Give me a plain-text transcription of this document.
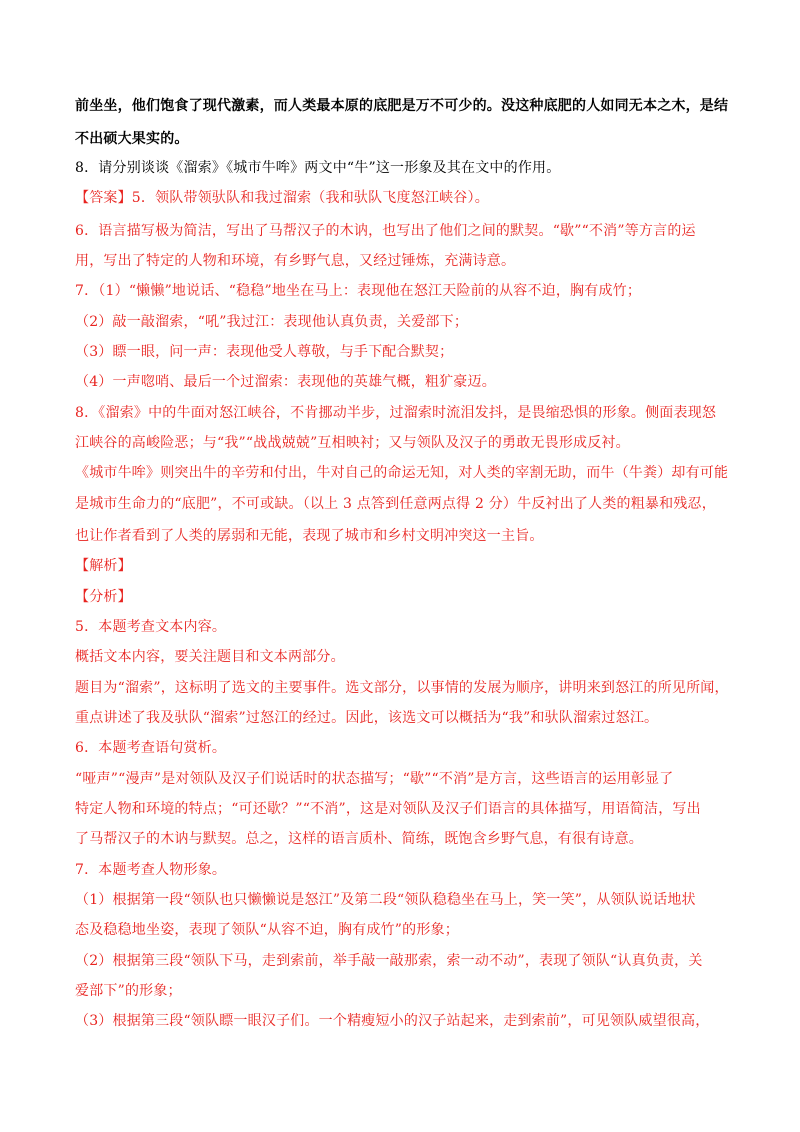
前坐坐，他们饱食了现代激素，而人类最本原的底肥是万不可少的。没这种底肥的人如同无本之木，是结
不出硕大果实的。
8．请分别谈谈《溜索》《城市牛哞》两文中“牛”这一形象及其在文中的作用。
【答案】5．领队带领驮队和我过溜索（我和驮队飞度怒江峡谷）。
6．语言描写极为简洁，写出了马帮汉子的木讷，也写出了他们之间的默契。“歇”“不消”等方言的运
用，写出了特定的人物和环境，有乡野气息，又经过锤炼，充满诗意。
7．（1）“懒懒”地说话、“稳稳”地坐在马上：表现他在怒江天险前的从容不迫，胸有成竹；
（2）敲一敲溜索，“吼”我过江：表现他认真负责，关爱部下；
（3）瞟一眼，问一声：表现他受人尊敬，与手下配合默契；
（4）一声唿哨、最后一个过溜索：表现他的英雄气概，粗犷豪迈。
8．《溜索》中的牛面对怒江峡谷，不肯挪动半步，过溜索时流泪发抖，是畏缩恐惧的形象。侧面表现怒
江峡谷的高峻险恶；与“我”“战战兢兢”互相映衬；又与领队及汉子的勇敢无畏形成反衬。
《城市牛哞》则突出牛的辛劳和付出，牛对自己的命运无知，对人类的宰割无助，而牛（牛粪）却有可能
是城市生命力的“底肥”，不可或缺。（以上 3 点答到任意两点得 2 分）牛反衬出了人类的粗暴和残忍，
也让作者看到了人类的孱弱和无能，表现了城市和乡村文明冲突这一主旨。
【解析】
【分析】
5．本题考查文本内容。
概括文本内容，要关注题目和文本两部分。
题目为“溜索”，这标明了选文的主要事件。选文部分，以事情的发展为顺序，讲明来到怒江的所见所闻，
重点讲述了我及驮队“溜索”过怒江的经过。因此，该选文可以概括为“我”和驮队溜索过怒江。
6．本题考查语句赏析。
“哑声”“漫声”是对领队及汉子们说话时的状态描写；“歇”“不消”是方言，这些语言的运用彰显了
特定人物和环境的特点；“可还歇？”“不消”，这是对领队及汉子们语言的具体描写，用语简洁，写出
了马帮汉子的木讷与默契。总之，这样的语言质朴、简练，既饱含乡野气息，有很有诗意。
7．本题考查人物形象。
（1）根据第一段“领队也只懒懒说是怒江”及第二段“领队稳稳坐在马上，笑一笑”，从领队说话地状
态及稳稳地坐姿，表现了领队“从容不迫，胸有成竹”的形象；
（2）根据第三段“领队下马，走到索前，举手敲一敲那索，索一动不动”，表现了领队“认真负责，关
爱部下”的形象；
（3）根据第三段“领队瞟一眼汉子们。一个精瘦短小的汉子站起来，走到索前”，可见领队威望很高，
